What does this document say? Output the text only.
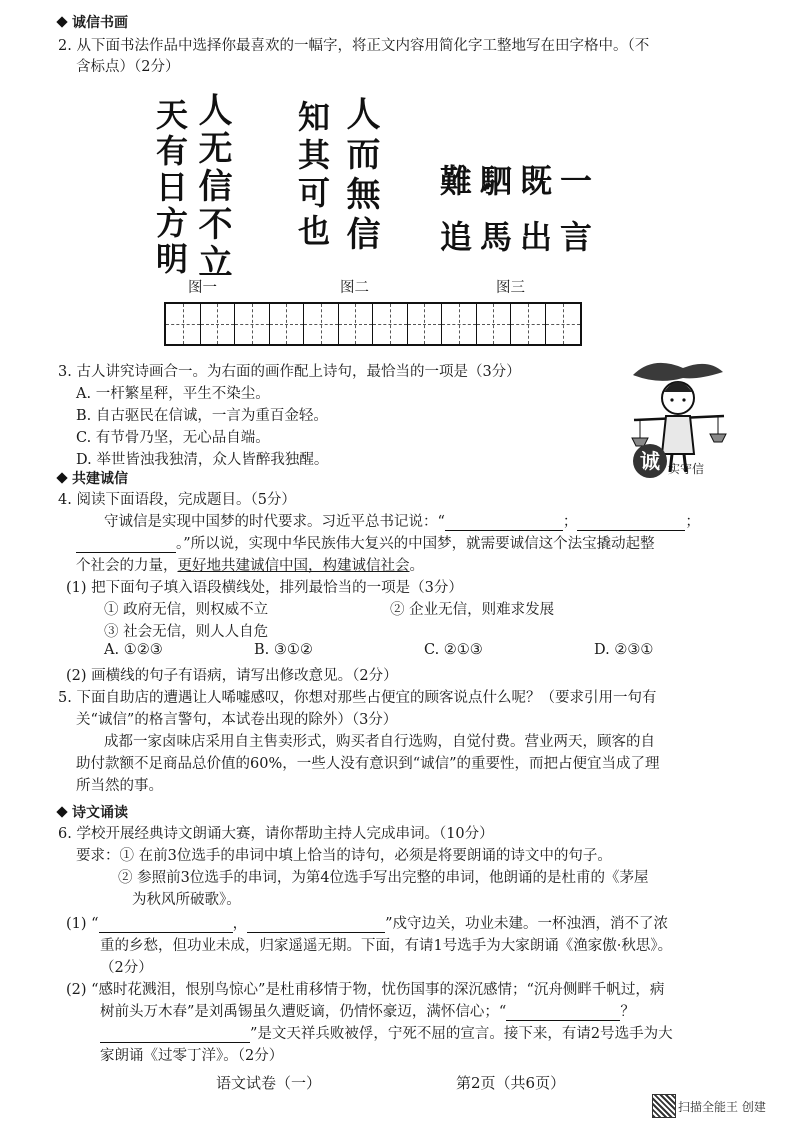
诚信书画
2. 从下面书法作品中选择你最喜欢的一幅字，将正文内容用简化字工整地写在田字格中。（不
含标点）（2分）
人无信不立
天有日方明	人而無信
知其可也	難駟既一
追馬出言
图一	图二	图三
3. 古人讲究诗画合一。为右面的画作配上诗句，最恰当的一项是（3分）
A. 一杆繁星秤，平生不染尘。
B. 自古驱民在信诚，一言为重百金轻。
C. 有节骨乃坚，无心品自端。
D. 举世皆浊我独清，众人皆醉我独醒。	诚 实守信
共建诚信
4. 阅读下面语段，完成题目。（5分）
守诚信是实现中国梦的时代要求。习近平总书记说：“	；	；
。”所以说，实现中华民族伟大复兴的中国梦，就需要诚信这个法宝撬动起整
个社会的力量，更好地共建诚信中国，构建诚信社会。
(1) 把下面句子填入语段横线处，排列最恰当的一项是（3分）
① 政府无信，则权威不立	② 企业无信，则难求发展
③ 社会无信，则人人自危
A. ①②③	B. ③①②	C. ②①③	D. ②③①
(2) 画横线的句子有语病，请写出修改意见。（2分）
5. 下面自助店的遭遇让人唏嘘感叹，你想对那些占便宜的顾客说点什么呢？（要求引用一句有
关“诚信”的格言警句，本试卷出现的除外）（3分）
成都一家卤味店采用自主售卖形式，购买者自行选购，自觉付费。营业两天，顾客的自
助付款额不足商品总价值的60%，一些人没有意识到“诚信”的重要性，而把占便宜当成了理
所当然的事。
诗文诵读
6. 学校开展经典诗文朗诵大赛，请你帮助主持人完成串词。（10分）
要求：① 在前3位选手的串词中填上恰当的诗句，必须是将要朗诵的诗文中的句子。
② 参照前3位选手的串词，为第4位选手写出完整的串词，他朗诵的是杜甫的《茅屋
为秋风所破歌》。
(1) “	，	”戍守边关，功业未建。一杯浊酒，消不了浓
重的乡愁，但功业未成，归家遥遥无期。下面，有请1号选手为大家朗诵《渔家傲·秋思》。
（2分）
(2) “感时花溅泪，恨别鸟惊心”是杜甫移情于物，忧伤国事的深沉感情；“沉舟侧畔千帆过，病
树前头万木春”是刘禹锡虽久遭贬谪，仍情怀豪迈，满怀信心；“	？
”是文天祥兵败被俘，宁死不屈的宣言。接下来，有请2号选手为大
家朗诵《过零丁洋》。（2分）
语文试卷（一）	第2页（共6页）
扫描全能王 创建
